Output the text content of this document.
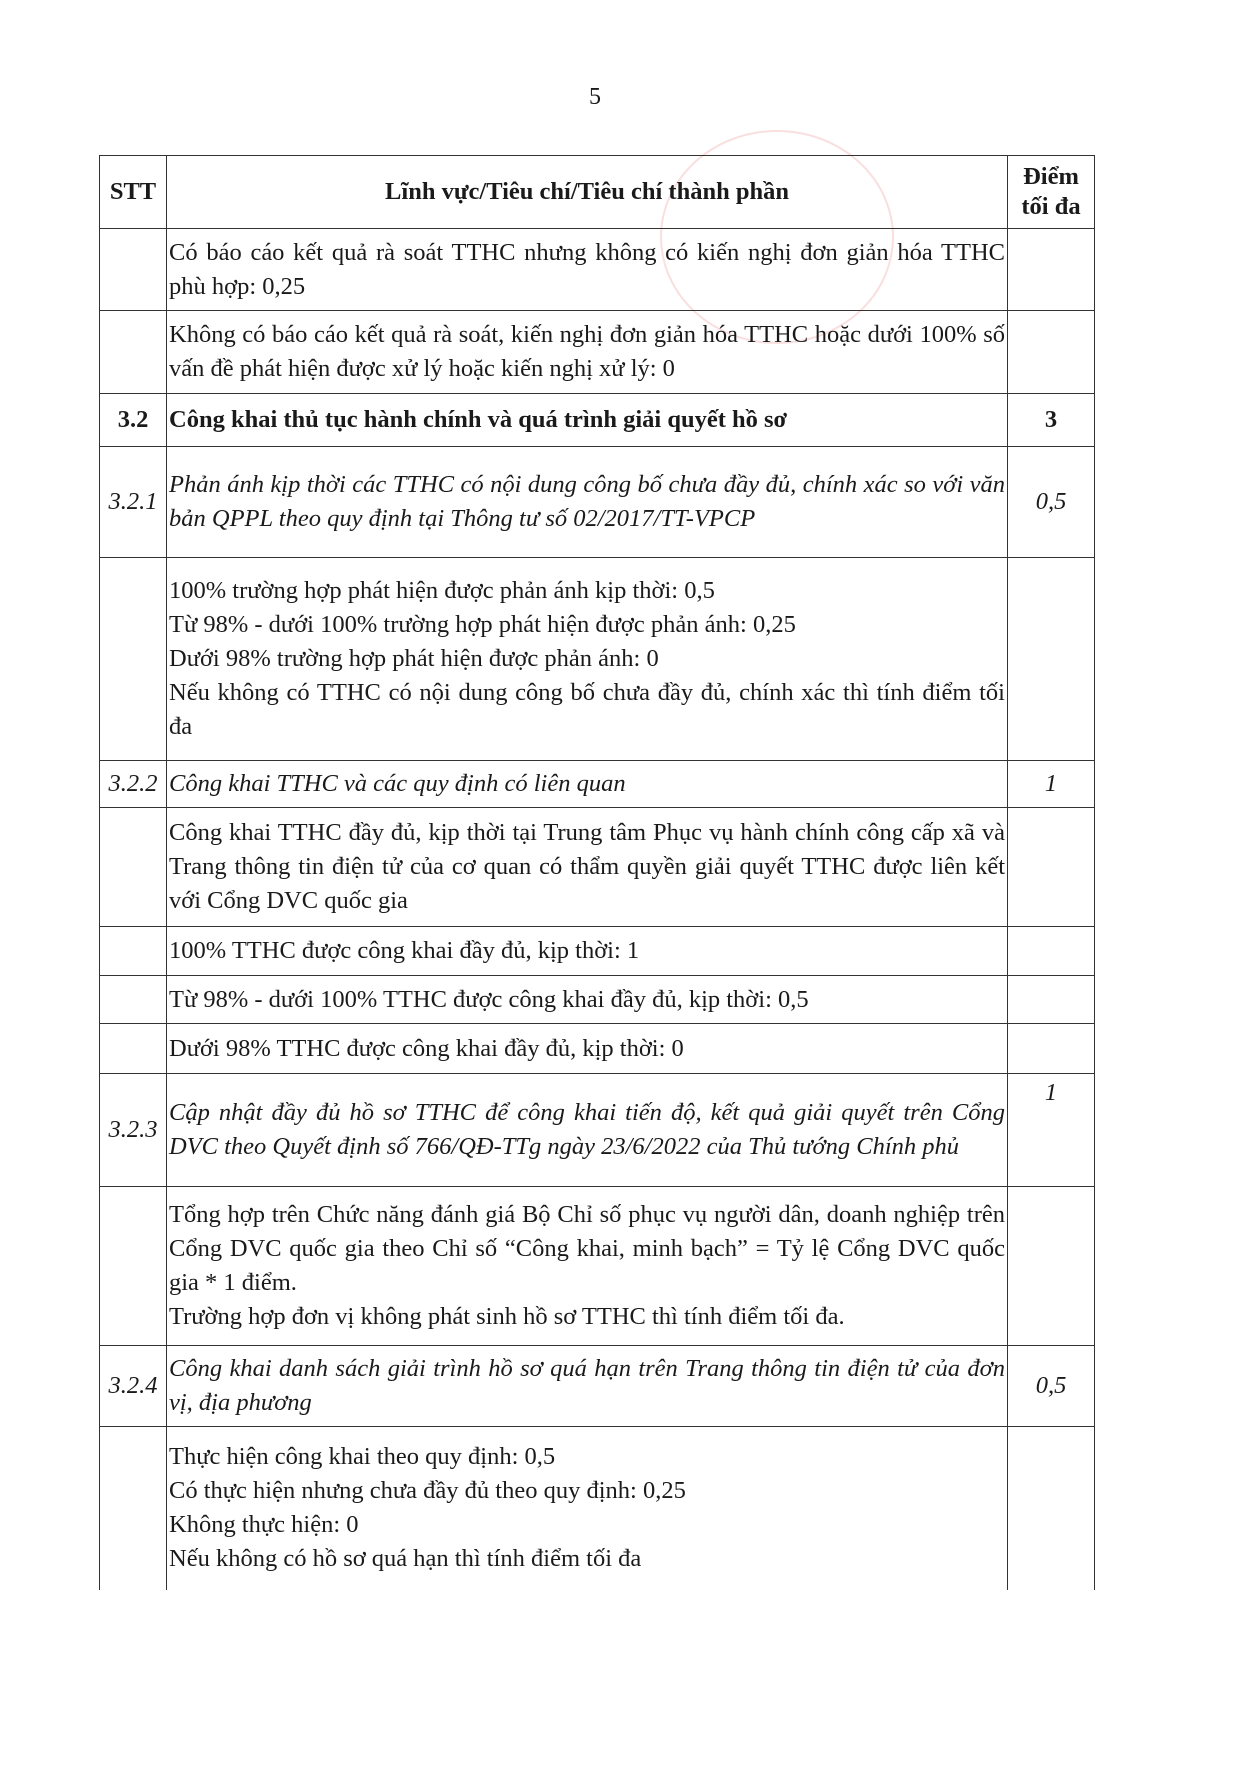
5
STT	Lĩnh vực/Tiêu chí/Tiêu chí thành phần	Điểm tối đa

	Có báo cáo kết quả rà soát TTHC nhưng không có kiến nghị đơn giản hóa TTHC phù hợp: 0,25	

	Không có báo cáo kết quả rà soát, kiến nghị đơn giản hóa TTHC hoặc dưới 100% số vấn đề phát hiện được xử lý hoặc kiến nghị xử lý: 0	

3.2	Công khai thủ tục hành chính và quá trình giải quyết hồ sơ	3
3.2.1	Phản ánh kịp thời các TTHC có nội dung công bố chưa đầy đủ, chính xác so với văn bản QPPL theo quy định tại Thông tư số 02/2017/TT-VPCP	0,5

	100% trường hợp phát hiện được phản ánh kịp thời: 0,5

Từ 98% - dưới 100% trường hợp phát hiện được phản ánh: 0,25

Dưới 98% trường hợp phát hiện được phản ánh: 0

Nếu không có TTHC có nội dung công bố chưa đầy đủ, chính xác thì tính điểm tối đa	

3.2.2	Công khai TTHC và các quy định có liên quan	1

	Công khai TTHC đầy đủ, kịp thời tại Trung tâm Phục vụ hành chính công cấp xã và Trang thông tin điện tử của cơ quan có thẩm quyền giải quyết TTHC được liên kết với Cổng DVC quốc gia	

	100% TTHC được công khai đầy đủ, kịp thời: 1	

	Từ 98% - dưới 100% TTHC được công khai đầy đủ, kịp thời: 0,5	

	Dưới 98% TTHC được công khai đầy đủ, kịp thời: 0	

3.2.3	Cập nhật đầy đủ hồ sơ TTHC để công khai tiến độ, kết quả giải quyết trên Cổng DVC theo Quyết định số 766/QĐ-TTg ngày 23/6/2022 của Thủ tướng Chính phủ	1

	Tổng hợp trên Chức năng đánh giá Bộ Chỉ số phục vụ người dân, doanh nghiệp trên Cổng DVC quốc gia theo Chỉ số “Công khai, minh bạch” = Tỷ lệ Cổng DVC quốc gia * 1 điểm.

Trường hợp đơn vị không phát sinh hồ sơ TTHC thì tính điểm tối đa.	

3.2.4	Công khai danh sách giải trình hồ sơ quá hạn trên Trang thông tin điện tử của đơn vị, địa phương	0,5

	Thực hiện công khai theo quy định: 0,5

Có thực hiện nhưng chưa đầy đủ theo quy định: 0,25

Không thực hiện: 0

Nếu không có hồ sơ quá hạn thì tính điểm tối đa	
